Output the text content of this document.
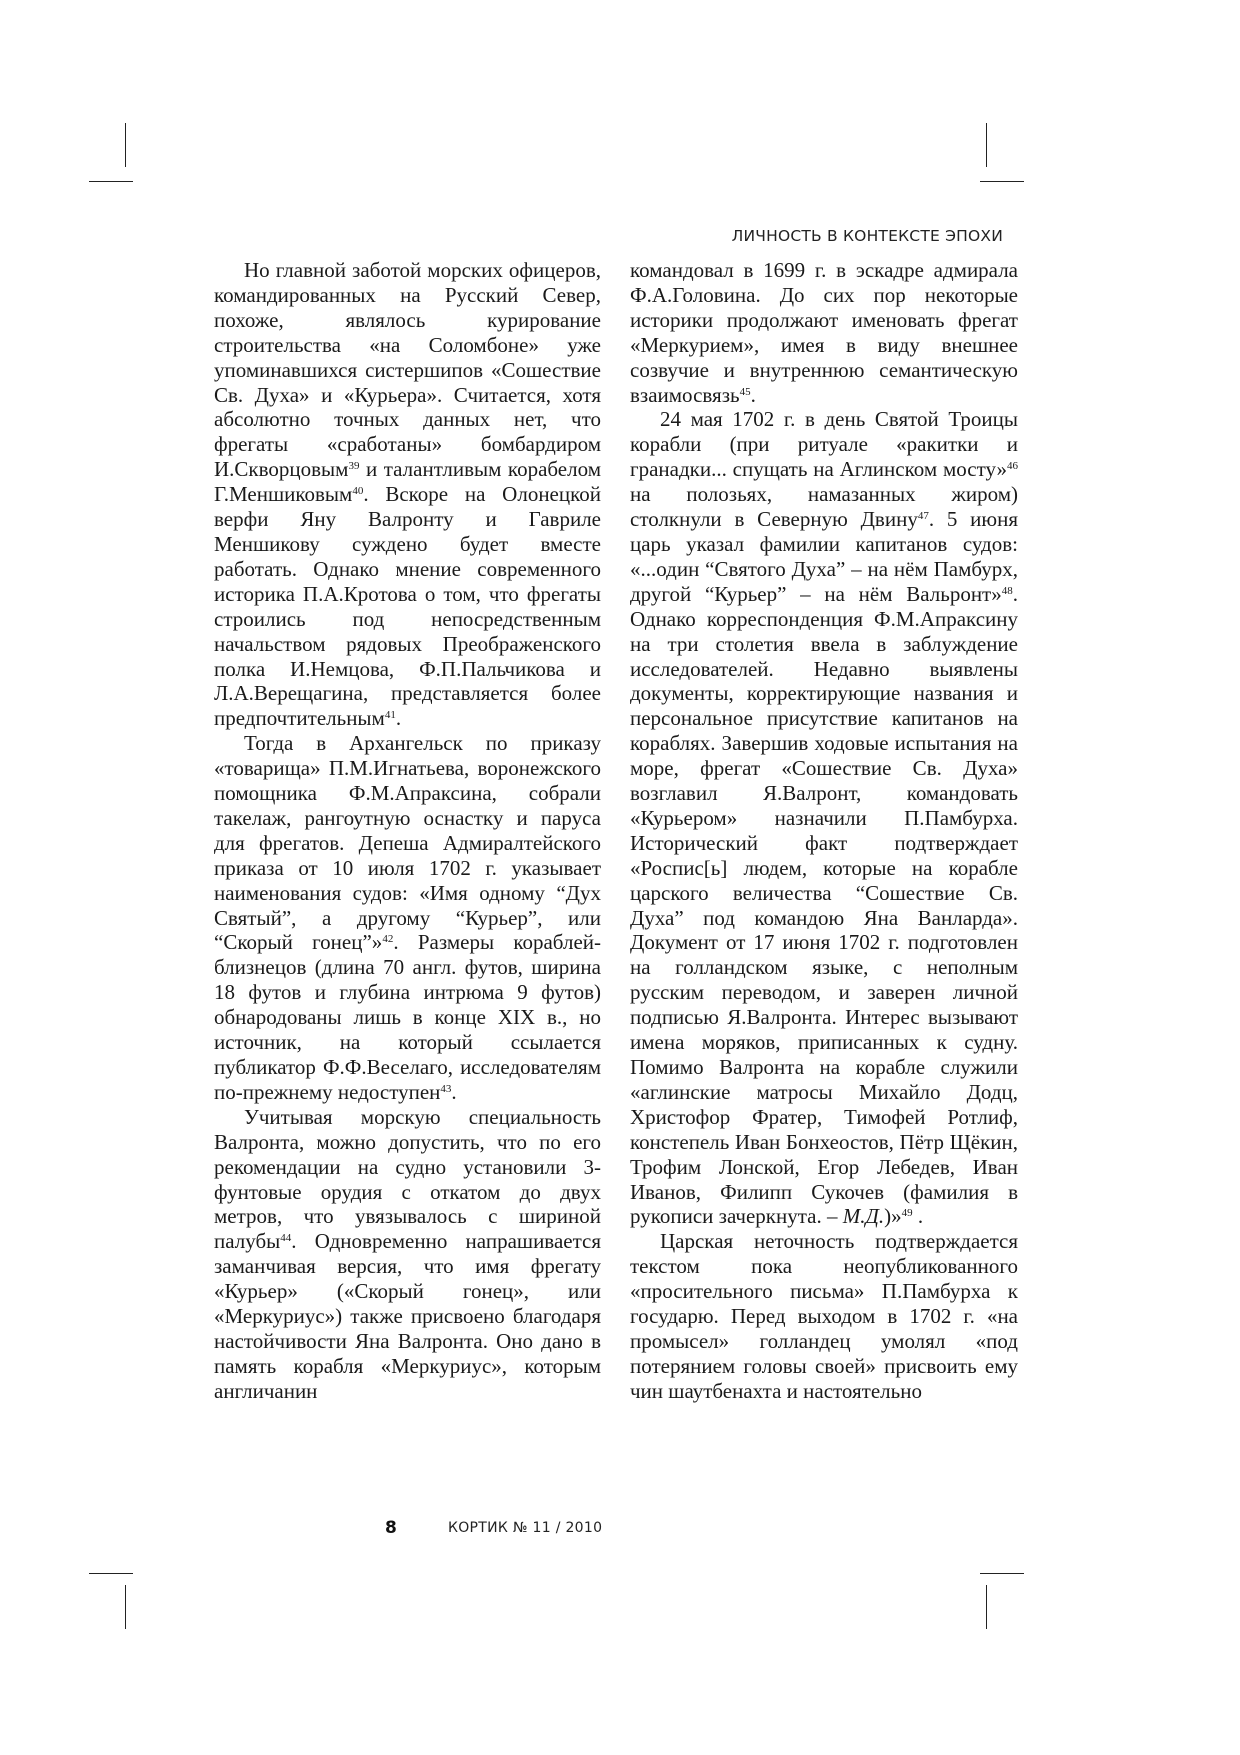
ЛИЧНОСТЬ В КОНТЕКСТЕ ЭПОХИ

Но главной заботой морских офицеров, командированных на Русский Север, похоже, являлось курирование строительства «на Соломбоне» уже упоминавшихся систершипов «Сошествие Св. Духа» и «Курьера». Считается, хотя абсолютно точных данных нет, что фрегаты «сработаны» бомбардиром И.Скворцовым$^{39}$ и талантливым корабелом Г.Меншиковым$^{40}$. Вскоре на Олонецкой верфи Яну Валронту и Гавриле Меншикову суждено будет вместе работать. Однако мнение современного историка П.А.Кротова о том, что фрегаты строились под непосредственным начальством рядовых Преображенского полка И.Немцова, Ф.П.Пальчикова и Л.А.Верещагина, представляется более предпочтительным$^{41}$.

Тогда в Архангельск по приказу «товарища» П.М.Игнатьева, воронежского помощника Ф.М.Апраксина, собрали такелаж, рангоутную оснастку и паруса для фрегатов. Депеша Адмиралтейского приказа от 10 июля 1702 г. указывает наименования судов: «Имя одному “Дух Святый”, а другому “Курьер”, или “Скорый гонец”»$^{42}$. Размеры кораблей-близнецов (длина 70 англ. футов, ширина 18 футов и глубина интрюма 9 футов) обнародованы лишь в конце XIX в., но источник, на который ссылается публикатор Ф.Ф.Веселаго, исследователям по-прежнему недоступен$^{43}$.

Учитывая морскую специальность Валронта, можно допустить, что по его рекомендации на судно установили 3-фунтовые орудия с откатом до двух метров, что увязывалось с шириной палубы$^{44}$. Одновременно напрашивается заманчивая версия, что имя фрегату «Курьер» («Скорый гонец», или «Меркуриус») также присвоено благодаря настойчивости Яна Валронта. Оно дано в память корабля «Меркуриус», которым англичанин

командовал в 1699 г. в эскадре адмирала Ф.А.Головина. До сих пор некоторые историки продолжают именовать фрегат «Меркурием», имея в виду внешнее созвучие и внутреннюю семантическую взаимосвязь$^{45}$.

24 мая 1702 г. в день Святой Троицы корабли (при ритуале «ракитки и гранадки... спущать на Аглинском мосту»$^{46}$ на полозьях, намазанных жиром) столкнули в Северную Двину$^{47}$. 5 июня царь указал фамилии капитанов судов: «...один “Святого Духа” – на нём Памбурх, другой “Курьер” – на нём Вальронт»$^{48}$. Однако корреспонденция Ф.М.Апраксину на три столетия ввела в заблуждение исследователей. Недавно выявлены документы, корректирующие названия и персональное присутствие капитанов на кораблях. Завершив ходовые испытания на море, фрегат «Сошествие Св. Духа» возглавил Я.Валронт, командовать «Курьером» назначили П.Памбурха. Исторический факт подтверждает «Роспис[ь] людем, которые на корабле царского величества “Сошествие Св. Духа” под командою Яна Ванларда». Документ от 17 июня 1702 г. подготовлен на голландском языке, с неполным русским переводом, и заверен личной подписью Я.Валронта. Интерес вызывают имена моряков, приписанных к судну. Помимо Валронта на корабле служили «аглинские матросы Михайло Додц, Христофор Фратер, Тимофей Ротлиф, констепель Иван Бонхеостов, Пётр Щёкин, Трофим Лонской, Егор Лебедев, Иван Иванов, Филипп Сукочев (фамилия в рукописи зачеркнута. – М.Д.)»$^{49}$ .

Царская неточность подтверждается текстом пока неопубликованного «просительного письма» П.Памбурха к государю. Перед выходом в 1702 г. «на промысел» голландец умолял «под потерянием головы своей» присвоить ему чин шаутбенахта и настоятельно

8	КОРТИК № 11 / 2010
